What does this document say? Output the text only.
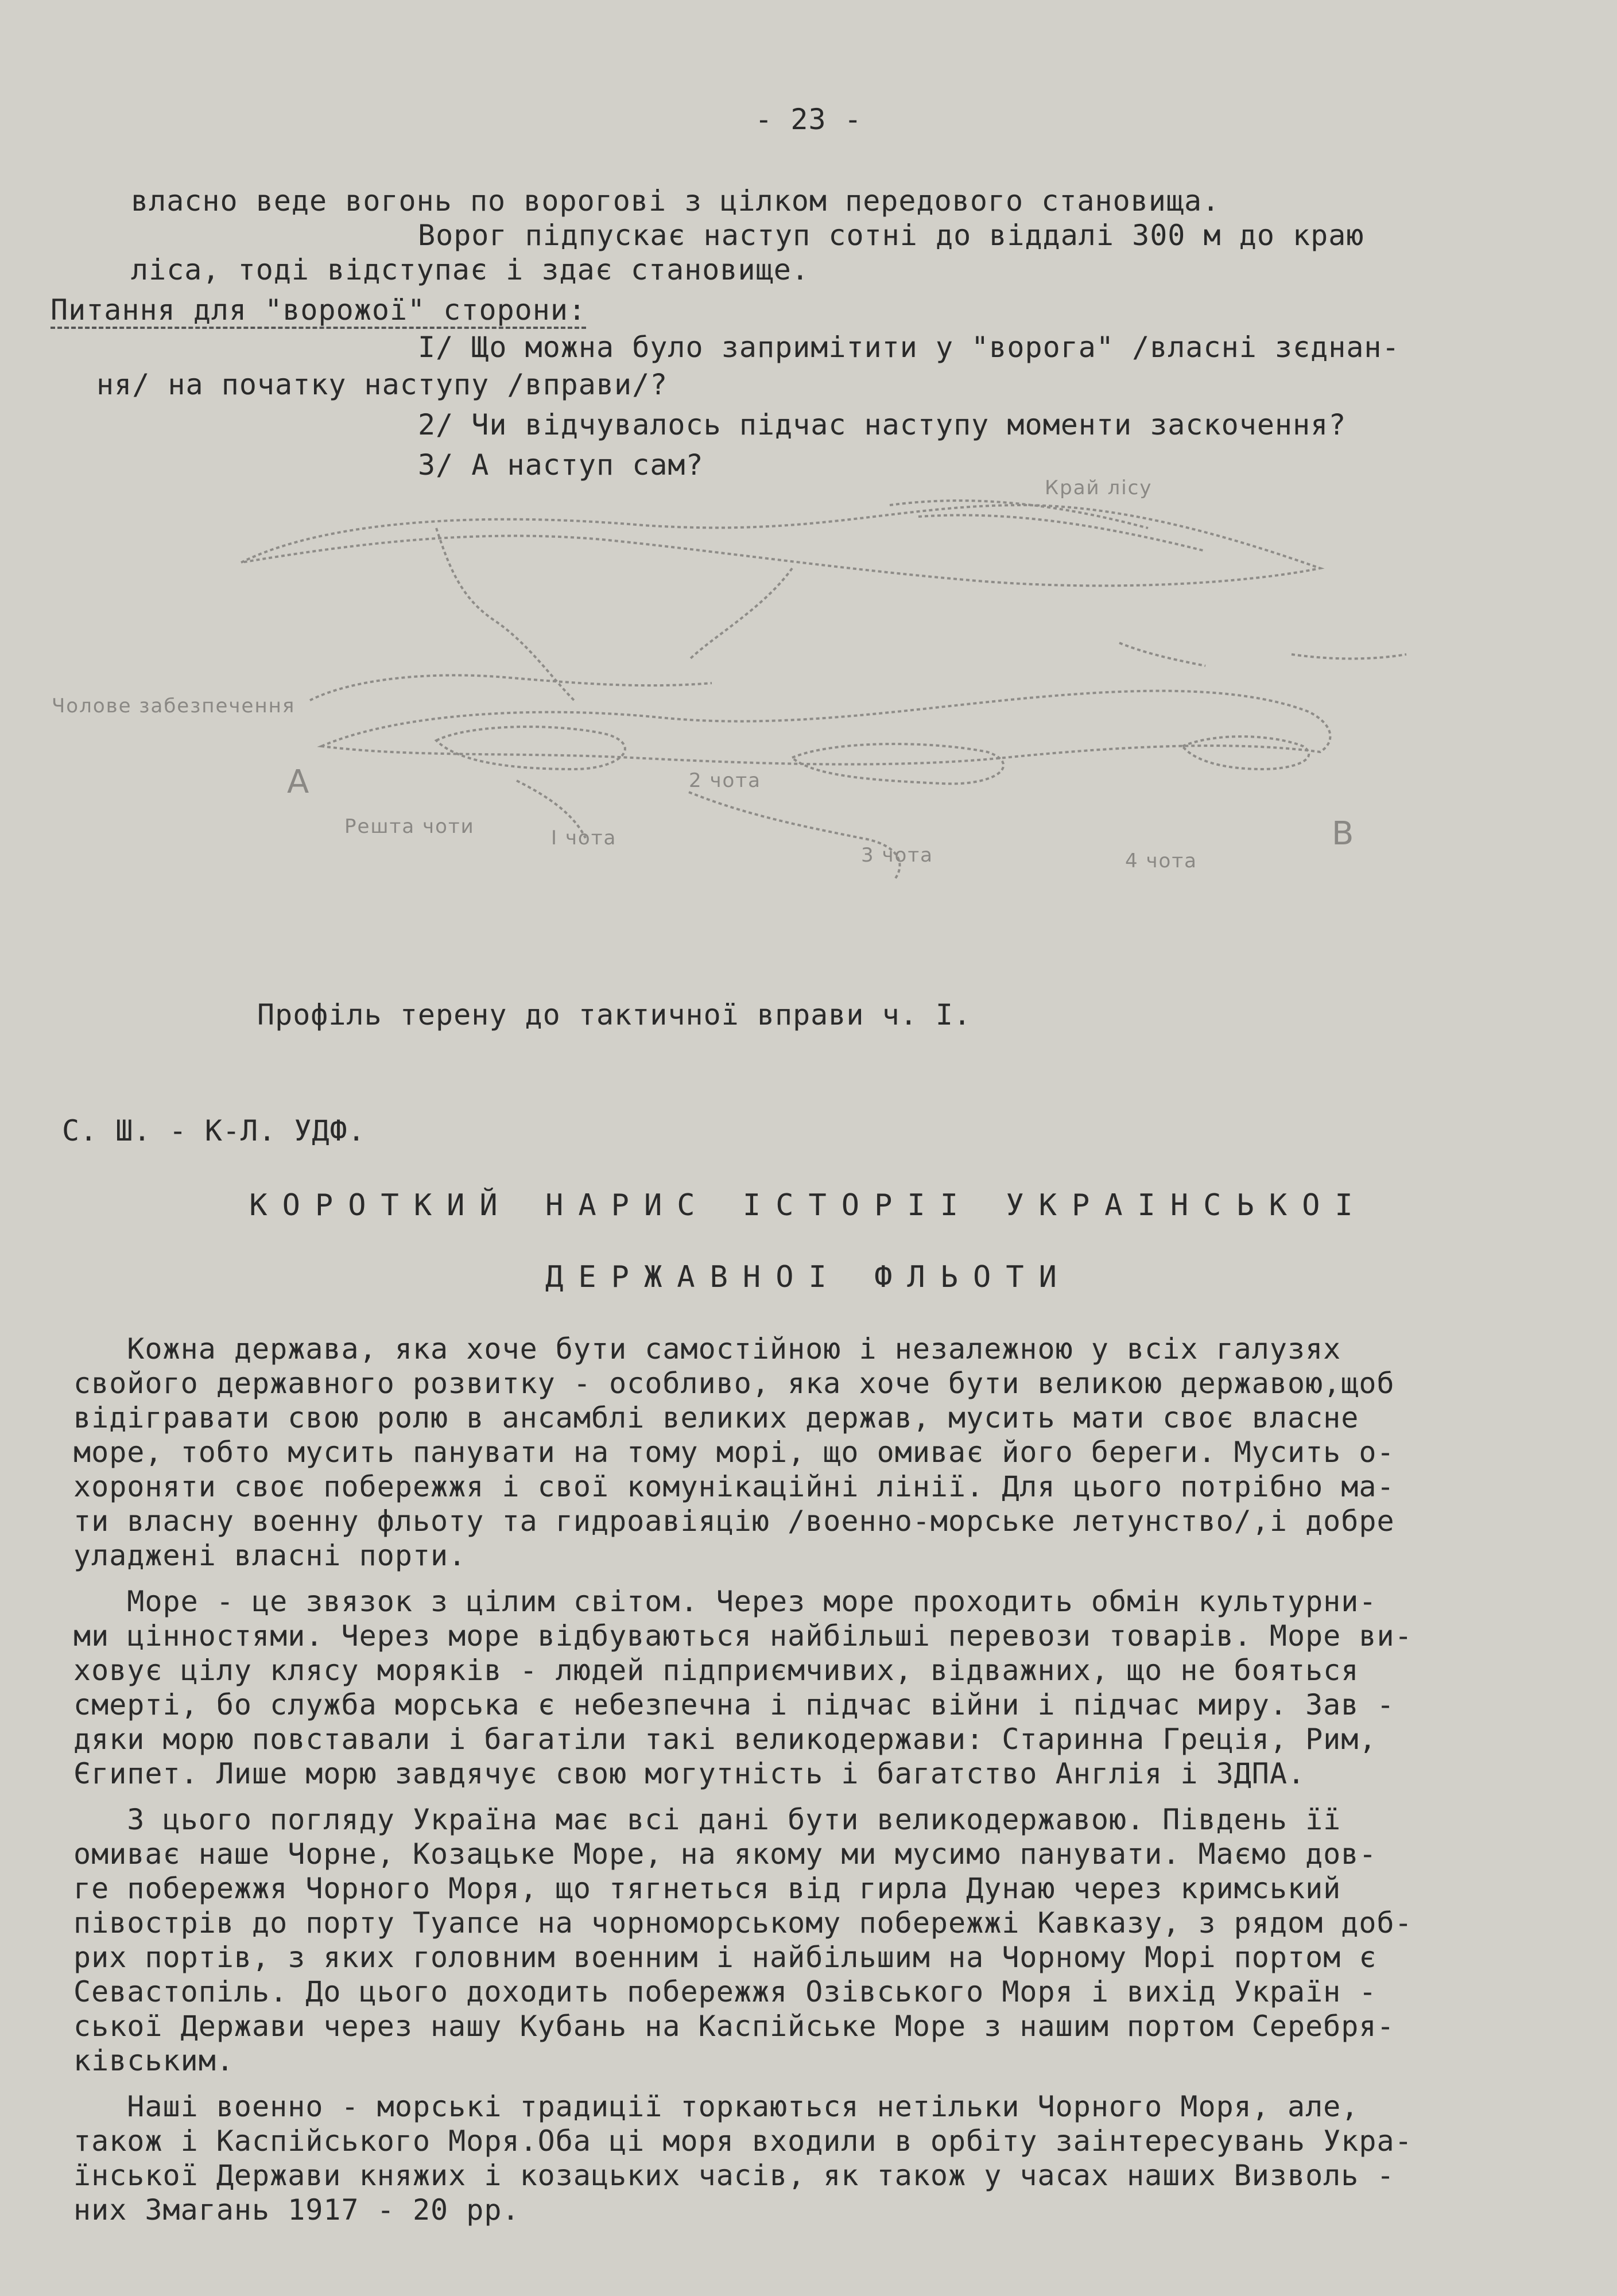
- 23 -
власно веде вогонь по ворогові з цілком передового становища.
Ворог підпускає наступ сотні до віддалі 300 м до краю
ліса, тоді відступає і здає становище.
Питання для "ворожої" сторони:
I/ Що можна було запримітити у "ворога" /власні зєднан-
ня/ на початку наступу /вправи/?
2/ Чи відчувалось підчас наступу моменти заскочення?
3/ А наступ сам?
Край лісу
Чолове забезпечення
A
B
Решта чоти	I чота
3 чота	4 чота
2 чота
Профіль терену до тактичної вправи ч. I.
С. Ш. - К-Л. УДФ.
КОРОТКИЙ НАРИС ІСТОРІІ УКРАІНСЬКОІ
ДЕРЖАВНОІ ФЛЬОТИ
Кожна держава, яка хоче бути самостійною і незалежною у всіх галузях
свойого державного розвитку - особливо, яка хоче бути великою державою,щоб
відігравати свою ролю в ансамблі великих держав, мусить мати своє власне
море, тобто мусить панувати на тому морі, що омиває його береги. Мусить о-
хороняти своє побережжя і свої комунікаційні лінії. Для цього потрібно ма-
ти власну военну фльоту та гидроавіяцію /военно-морське летунство/,і добре
уладжені власні порти.
Море - це звязок з цілим світом. Через море проходить обмін культурни-
ми цінностями. Через море відбуваються найбільші перевози товарів. Море ви-
ховує цілу клясу моряків - людей підприємчивих, відважних, що не бояться
смерті, бо служба морська є небезпечна і підчас війни і підчас миру. Зав -
дяки морю повставали і багатіли такі великодержави: Старинна Греція, Рим,
Єгипет. Лише морю завдячує свою могутність і багатство Англія і ЗДПА.
З цього погляду Україна має всі дані бути великодержавою. Південь її
омиває наше Чорне, Козацьке Море, на якому ми мусимо панувати. Маємо дов-
ге побережжя Чорного Моря, що тягнеться від гирла Дунаю через кримський
півострів до порту Туапсе на чорноморському побережжі Кавказу, з рядом доб-
рих портів, з яких головним военним і найбільшим на Чорному Морі портом є
Севастопіль. До цього доходить побережжя Озівського Моря і вихід Україн -
ської Держави через нашу Кубань на Каспійське Море з нашим портом Серебря-
ківським.
Наші военно - морські традиції торкаються нетільки Чорного Моря, але,
також і Каспійського Моря.Оба ці моря входили в орбіту заінтересувань Укра-
їнської Держави княжих і козацьких часів, як також у часах наших Визволь -
них Змагань 1917 - 20 рр.
